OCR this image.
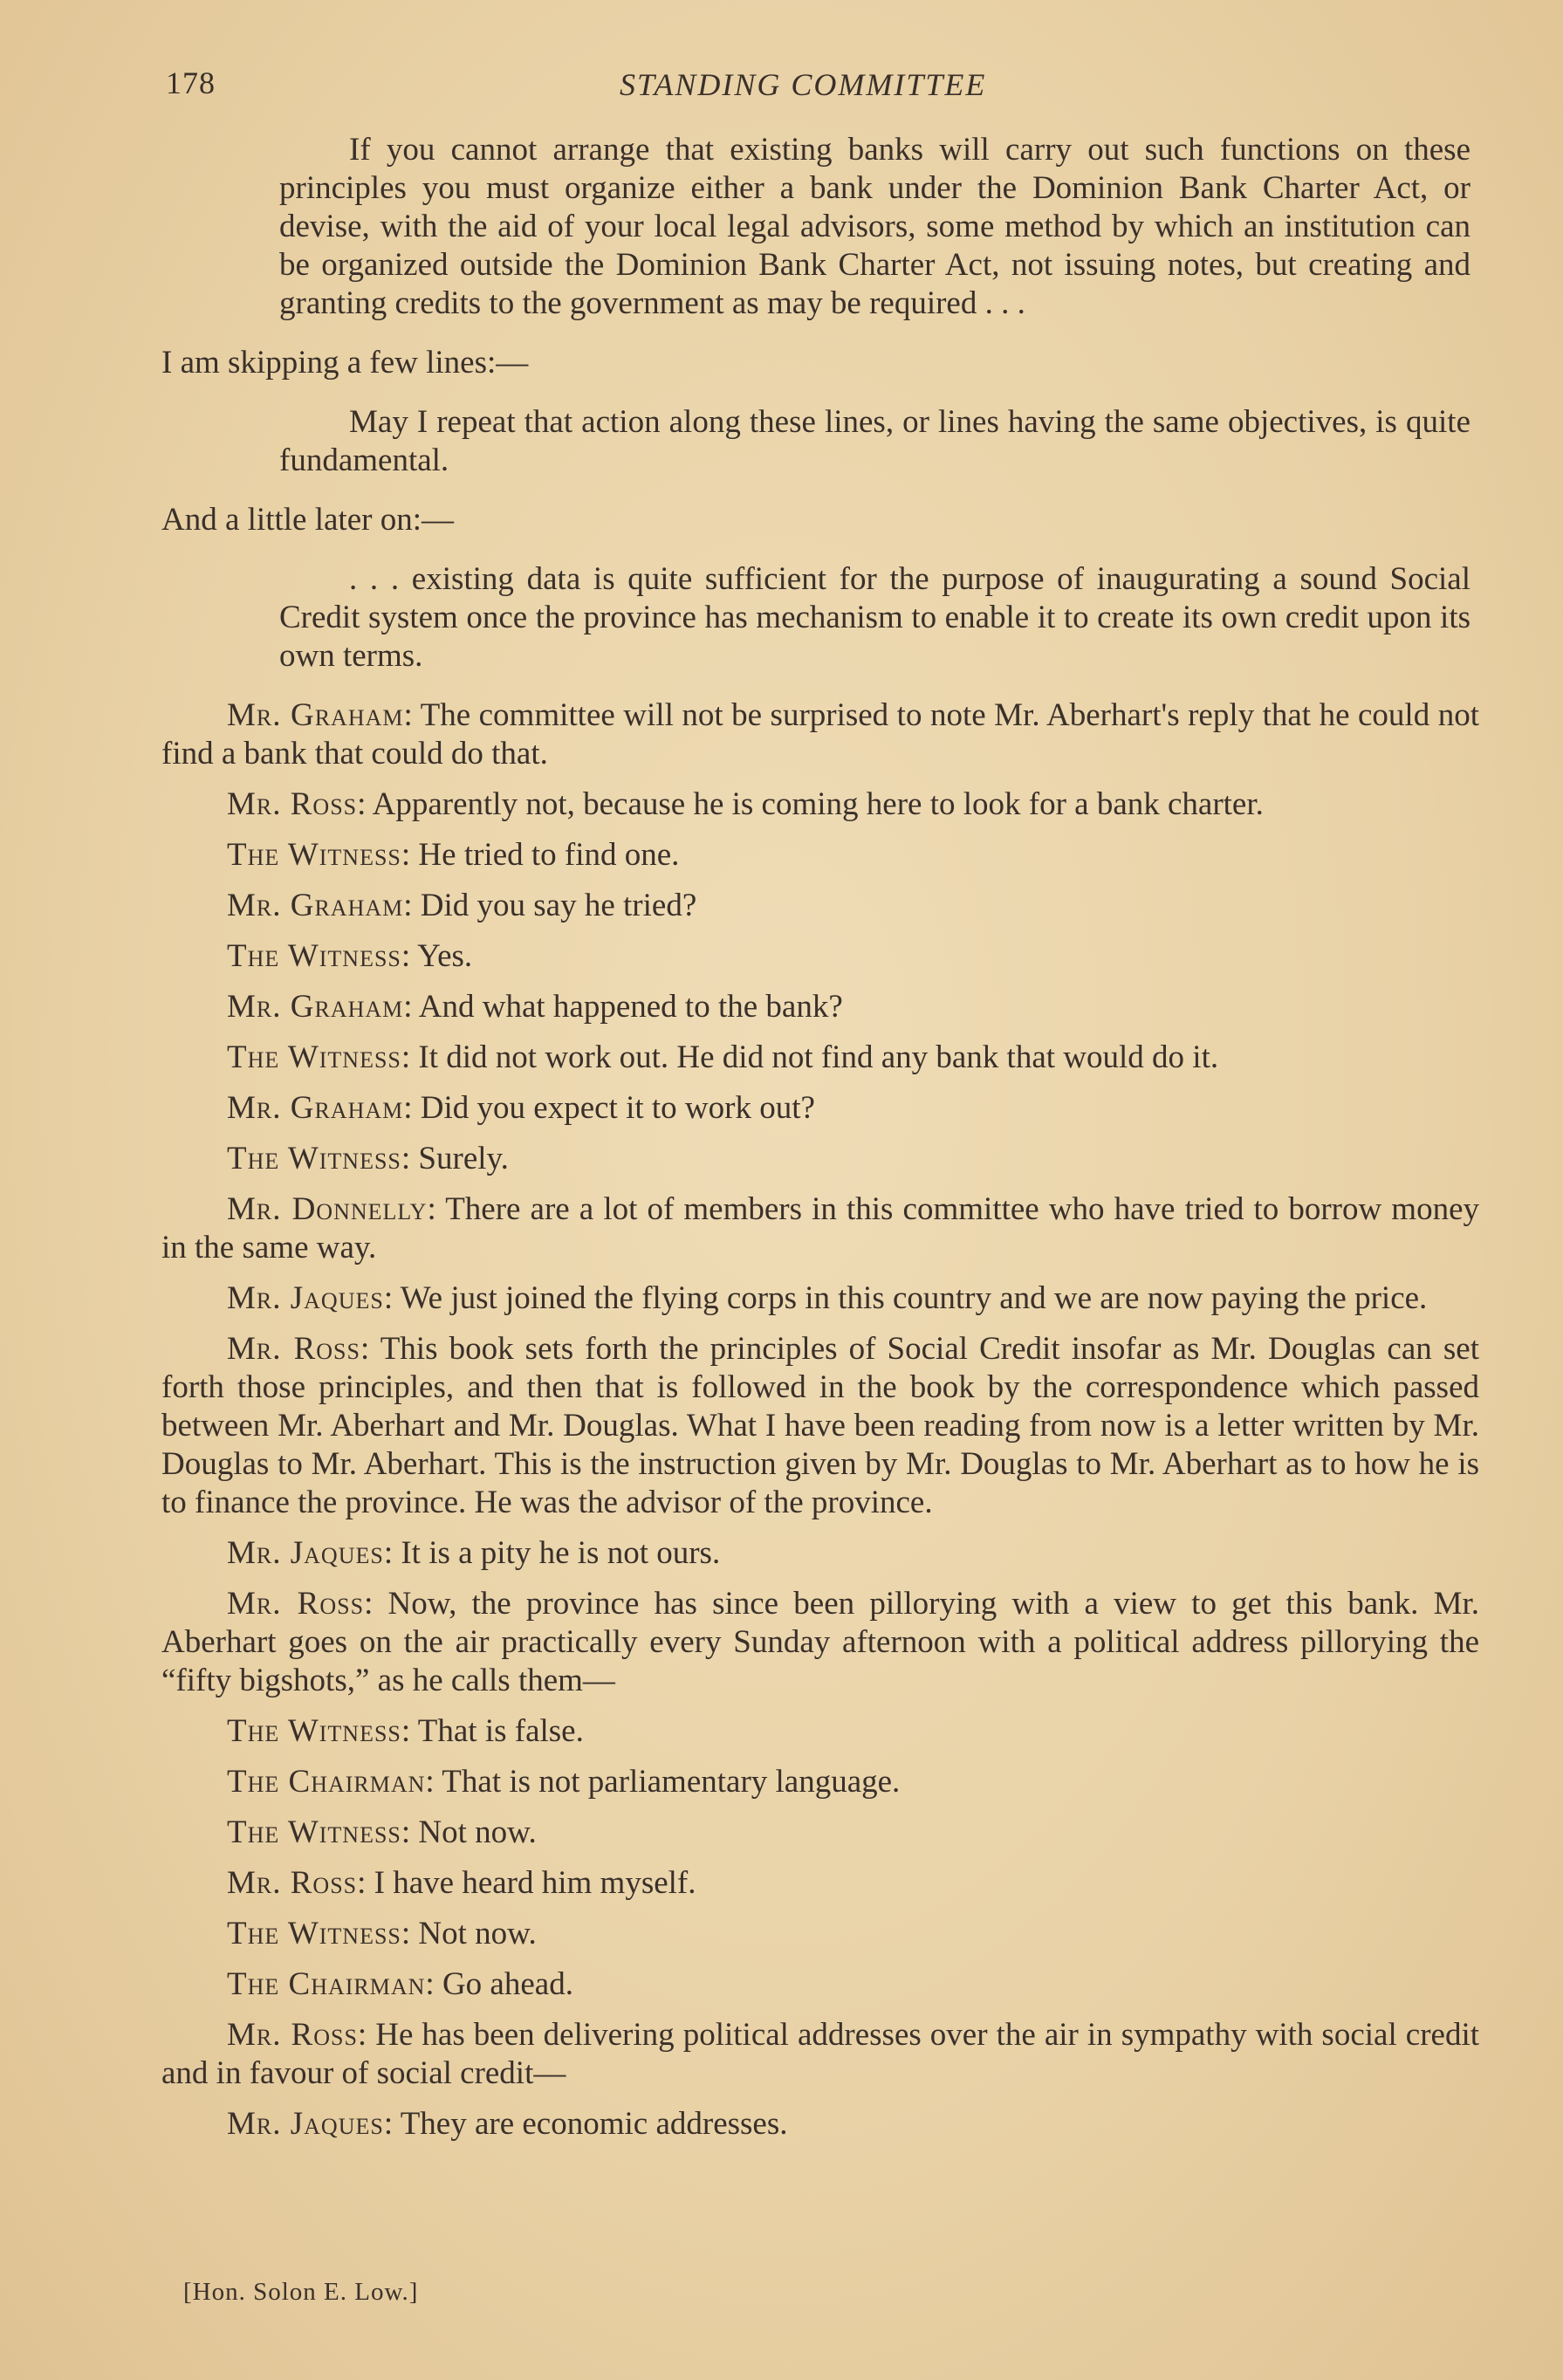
178	STANDING COMMITTEE

If you cannot arrange that existing banks will carry out such functions on these principles you must organize either a bank under the Dominion Bank Charter Act, or devise, with the aid of your local legal advisors, some method by which an institution can be organized outside the Dominion Bank Charter Act, not issuing notes, but creating and granting credits to the government as may be required . . .

I am skipping a few lines:—

May I repeat that action along these lines, or lines having the same objectives, is quite fundamental.

And a little later on:—

. . . existing data is quite sufficient for the purpose of inaugurating a sound Social Credit system once the province has mechanism to enable it to create its own credit upon its own terms.

Mr. Graham: The committee will not be surprised to note Mr. Aberhart's reply that he could not find a bank that could do that.

Mr. Ross: Apparently not, because he is coming here to look for a bank charter.

The Witness: He tried to find one.

Mr. Graham: Did you say he tried?

The Witness: Yes.

Mr. Graham: And what happened to the bank?

The Witness: It did not work out. He did not find any bank that would do it.

Mr. Graham: Did you expect it to work out?

The Witness: Surely.

Mr. Donnelly: There are a lot of members in this committee who have tried to borrow money in the same way.

Mr. Jaques: We just joined the flying corps in this country and we are now paying the price.

Mr. Ross: This book sets forth the principles of Social Credit insofar as Mr. Douglas can set forth those principles, and then that is followed in the book by the correspondence which passed between Mr. Aberhart and Mr. Douglas. What I have been reading from now is a letter written by Mr. Douglas to Mr. Aberhart. This is the instruction given by Mr. Douglas to Mr. Aberhart as to how he is to finance the province. He was the advisor of the province.

Mr. Jaques: It is a pity he is not ours.

Mr. Ross: Now, the province has since been pillorying with a view to get this bank. Mr. Aberhart goes on the air practically every Sunday afternoon with a political address pillorying the “fifty bigshots,” as he calls them—

The Witness: That is false.

The Chairman: That is not parliamentary language.

The Witness: Not now.

Mr. Ross: I have heard him myself.

The Witness: Not now.

The Chairman: Go ahead.

Mr. Ross: He has been delivering political addresses over the air in sympathy with social credit and in favour of social credit—

Mr. Jaques: They are economic addresses.

[Hon. Solon E. Low.]
